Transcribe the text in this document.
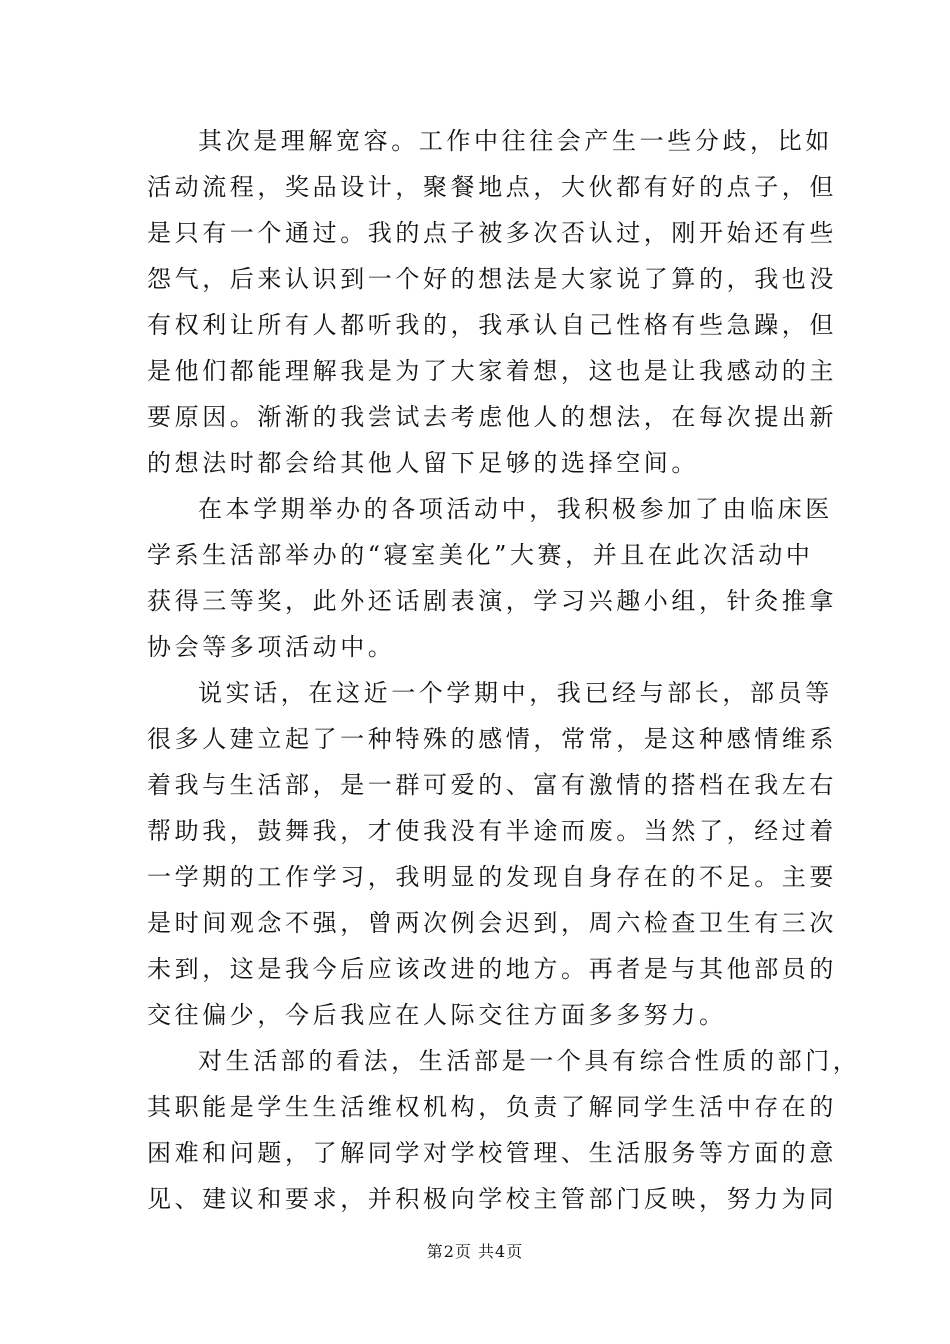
其次是理解宽容。工作中往往会产生一些分歧，比如
活动流程，奖品设计，聚餐地点，大伙都有好的点子，但
是只有一个通过。我的点子被多次否认过，刚开始还有些
怨气，后来认识到一个好的想法是大家说了算的，我也没
有权利让所有人都听我的，我承认自己性格有些急躁，但
是他们都能理解我是为了大家着想，这也是让我感动的主
要原因。渐渐的我尝试去考虑他人的想法，在每次提出新
的想法时都会给其他人留下足够的选择空间。
在本学期举办的各项活动中，我积极参加了由临床医
学系生活部举办的“寝室美化”大赛，并且在此次活动中
获得三等奖，此外还话剧表演，学习兴趣小组，针灸推拿
协会等多项活动中。
说实话，在这近一个学期中，我已经与部长，部员等
很多人建立起了一种特殊的感情，常常，是这种感情维系
着我与生活部，是一群可爱的、富有激情的搭档在我左右
帮助我，鼓舞我，才使我没有半途而废。当然了，经过着
一学期的工作学习，我明显的发现自身存在的不足。主要
是时间观念不强，曾两次例会迟到，周六检查卫生有三次
未到，这是我今后应该改进的地方。再者是与其他部员的
交往偏少，今后我应在人际交往方面多多努力。
对生活部的看法，生活部是一个具有综合性质的部门，
其职能是学生生活维权机构，负责了解同学生活中存在的
困难和问题，了解同学对学校管理、生活服务等方面的意
见、建议和要求，并积极向学校主管部门反映，努力为同
第2页 共4页
